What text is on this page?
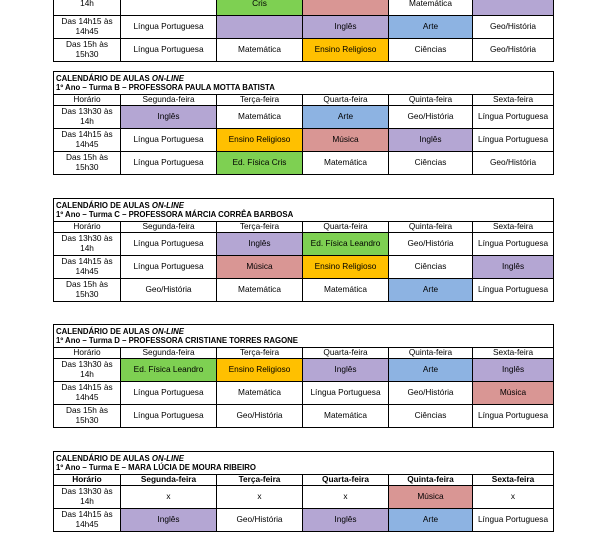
14h		Cris		Matemática		
Das 14h15 às 14h45	Língua Portuguesa		Inglês	Arte	Geo/História	
Das 15h às 15h30	Língua Portuguesa	Matemática	Ensino Religioso	Ciências	Geo/História	
CALENDÁRIO DE AULAS ON-LINE
1º Ano – Turma B – PROFESSORA PAULA MOTTA BATISTA					

Horário	Segunda-feira	Terça-feira	Quarta-feira	Quinta-feira	Sexta-feira
Das 13h30 às 14h	Inglês	Matemática	Arte	Geo/História	Língua Portuguesa
Das 14h15 às 14h45	Língua Portuguesa	Ensino Religioso	Música	Inglês	Língua Portuguesa
Das 15h às 15h30	Língua Portuguesa	Ed. Física Cris	Matemática	Ciências	Geo/História
CALENDÁRIO DE AULAS ON-LINE
1º Ano – Turma C – PROFESSORA MÁRCIA CORRÊA BARBOSA					

Horário	Segunda-feira	Terça-feira	Quarta-feira	Quinta-feira	Sexta-feira
Das 13h30 às 14h	Língua Portuguesa	Inglês	Ed. Física Leandro	Geo/História	Língua Portuguesa
Das 14h15 às 14h45	Língua Portuguesa	Música	Ensino Religioso	Ciências	Inglês
Das 15h às 15h30	Geo/História	Matemática	Matemática	Arte	Língua Portuguesa
CALENDÁRIO DE AULAS ON-LINE
1º Ano – Turma D – PROFESSORA CRISTIANE TORRES RAGONE					

Horário	Segunda-feira	Terça-feira	Quarta-feira	Quinta-feira	Sexta-feira
Das 13h30 às 14h	Ed. Física Leandro	Ensino Religioso	Inglês	Arte	Inglês
Das 14h15 às 14h45	Língua Portuguesa	Matemática	Língua Portuguesa	Geo/História	Música
Das 15h às 15h30	Língua Portuguesa	Geo/História	Matemática	Ciências	Língua Portuguesa
CALENDÁRIO DE AULAS ON-LINE
1º Ano – Turma E – MARA LÚCIA DE MOURA RIBEIRO					

Horário	Segunda-feira	Terça-feira	Quarta-feira	Quinta-feira	Sexta-feira
Das 13h30 às 14h	x	x	x	Música	x
Das 14h15 às 14h45	Inglês	Geo/História	Inglês	Arte	Língua Portuguesa
